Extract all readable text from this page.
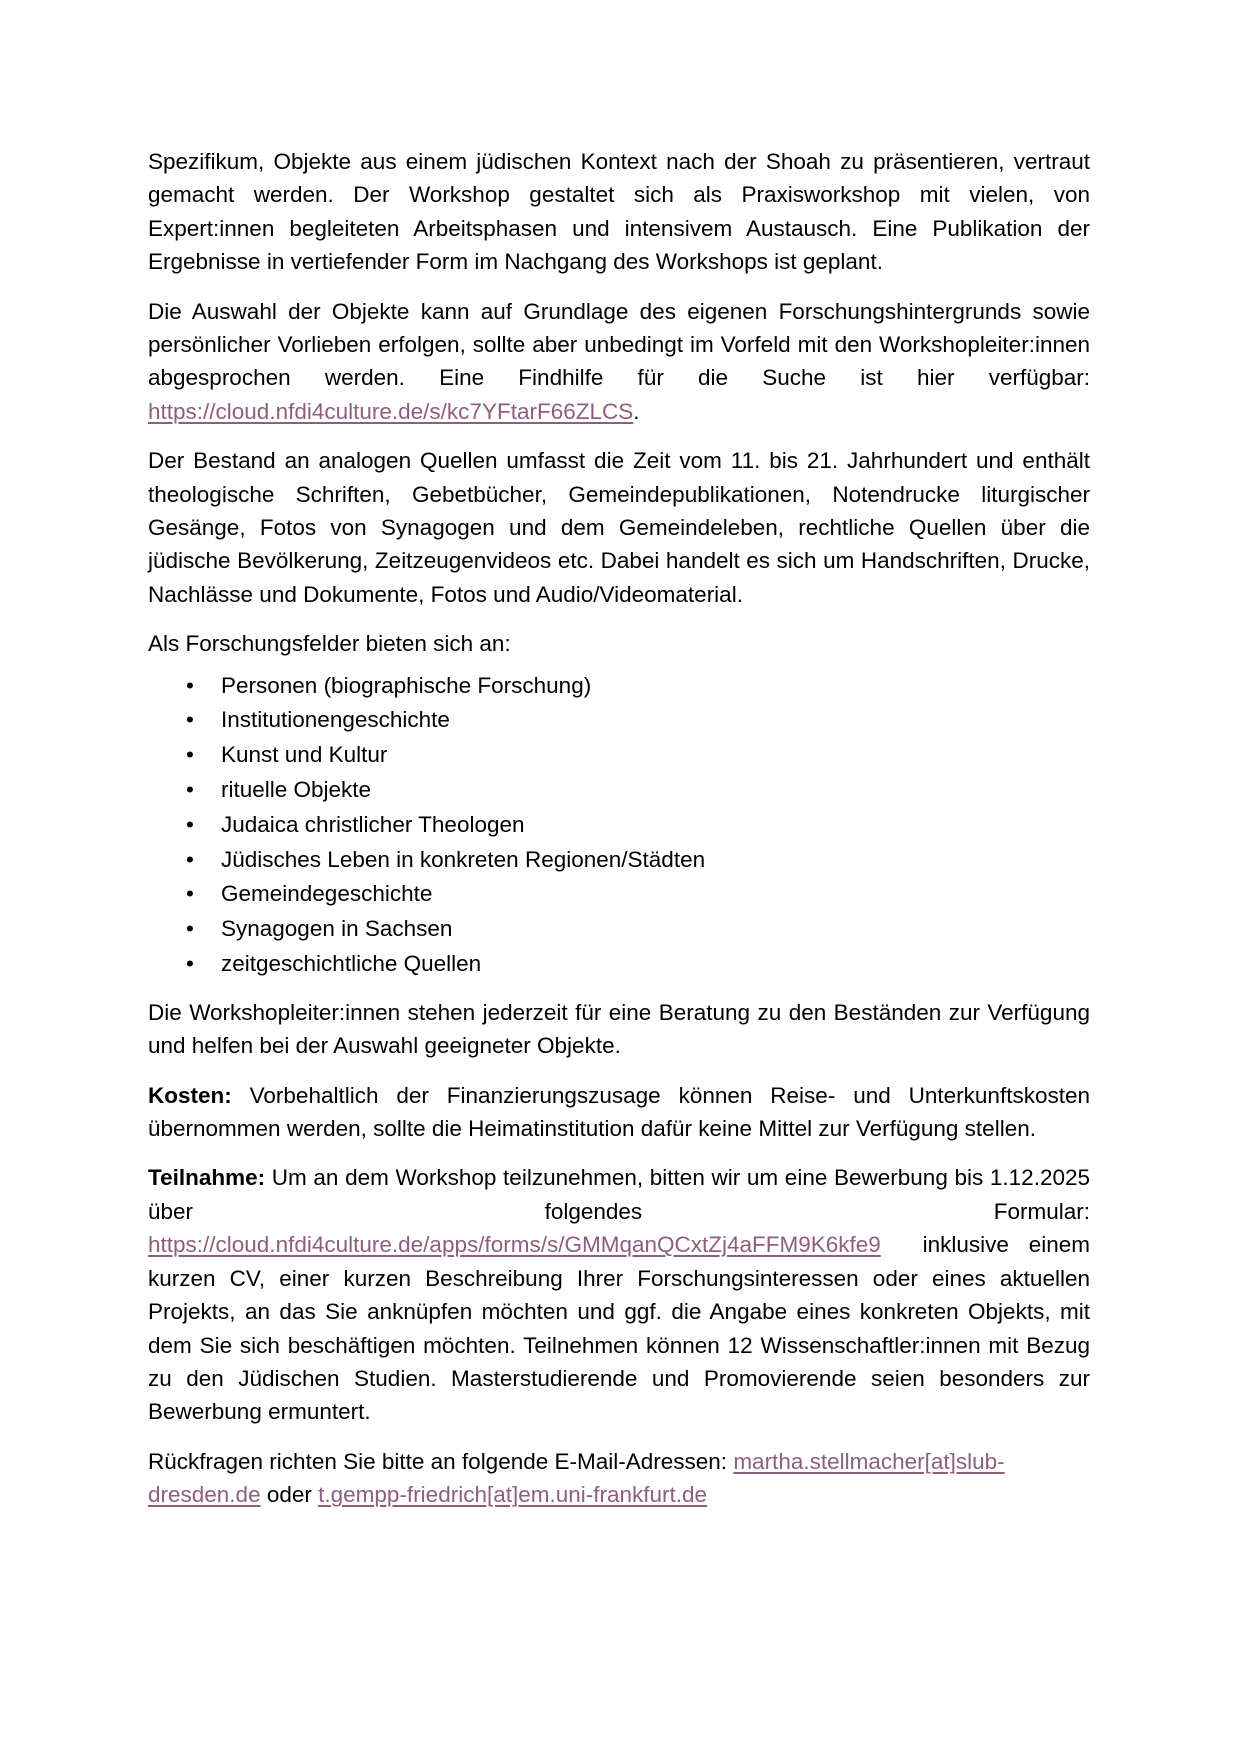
Spezifikum, Objekte aus einem jüdischen Kontext nach der Shoah zu präsentieren, vertraut gemacht werden. Der Workshop gestaltet sich als Praxisworkshop mit vielen, von Expert:innen begleiteten Arbeitsphasen und intensivem Austausch. Eine Publikation der Ergebnisse in vertiefender Form im Nachgang des Workshops ist geplant.

Die Auswahl der Objekte kann auf Grundlage des eigenen Forschungshintergrunds sowie persönlicher Vorlieben erfolgen, sollte aber unbedingt im Vorfeld mit den Workshopleiter:innen abgesprochen werden. Eine Findhilfe für die Suche ist hier verfügbar: https://cloud.nfdi4culture.de/s/kc7YFtarF66ZLCS.

Der Bestand an analogen Quellen umfasst die Zeit vom 11. bis 21. Jahrhundert und enthält theologische Schriften, Gebetbücher, Gemeindepublikationen, Notendrucke liturgischer Gesänge, Fotos von Synagogen und dem Gemeindeleben, rechtliche Quellen über die jüdische Bevölkerung, Zeitzeugenvideos etc. Dabei handelt es sich um Handschriften, Drucke, Nachlässe und Dokumente, Fotos und Audio/Videomaterial.

Als Forschungsfelder bieten sich an:

• Personen (biographische Forschung)
• Institutionengeschichte
• Kunst und Kultur
• rituelle Objekte
• Judaica christlicher Theologen
• Jüdisches Leben in konkreten Regionen/Städten
• Gemeindegeschichte
• Synagogen in Sachsen
• zeitgeschichtliche Quellen

Die Workshopleiter:innen stehen jederzeit für eine Beratung zu den Beständen zur Verfügung und helfen bei der Auswahl geeigneter Objekte.

Kosten: Vorbehaltlich der Finanzierungszusage können Reise- und Unterkunftskosten übernommen werden, sollte die Heimatinstitution dafür keine Mittel zur Verfügung stellen.

Teilnahme: Um an dem Workshop teilzunehmen, bitten wir um eine Bewerbung bis 1.12.2025 über folgendes Formular: https://cloud.nfdi4culture.de/apps/forms/s/GMMqanQCxtZj4aFFM9K6kfe9 inklusive einem kurzen CV, einer kurzen Beschreibung Ihrer Forschungsinteressen oder eines aktuellen Projekts, an das Sie anknüpfen möchten und ggf. die Angabe eines konkreten Objekts, mit dem Sie sich beschäftigen möchten. Teilnehmen können 12 Wissenschaftler:innen mit Bezug zu den Jüdischen Studien. Masterstudierende und Promovierende seien besonders zur Bewerbung ermuntert.

Rückfragen richten Sie bitte an folgende E-Mail-Adressen: martha.stellmacher[at]slub-dresden.de oder t.gempp-friedrich[at]em.uni-frankfurt.de
